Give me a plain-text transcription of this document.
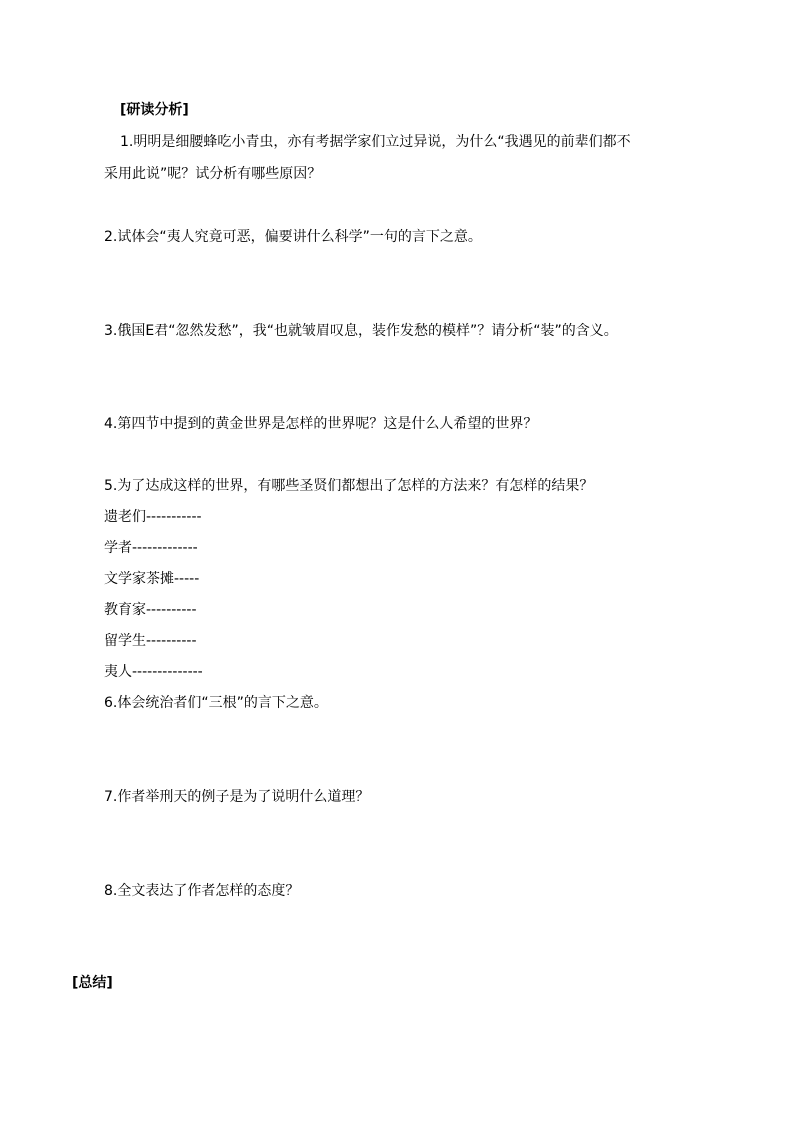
[研读分析]
1.明明是细腰蜂吃小青虫，亦有考据学家们立过异说，为什么“我遇见的前辈们都不
采用此说”呢？试分析有哪些原因？
2.试体会“夷人究竟可恶，偏要讲什么科学”一句的言下之意。
3.俄国E君“忽然发愁”，我“也就皱眉叹息，装作发愁的模样”？请分析“装”的含义。
4.第四节中提到的黄金世界是怎样的世界呢？这是什么人希望的世界？
5.为了达成这样的世界，有哪些圣贤们都想出了怎样的方法来？有怎样的结果？
遗老们-----------
学者-------------
文学家茶摊-----
教育家----------
留学生----------
夷人--------------
6.体会统治者们“三根”的言下之意。
7.作者举刑天的例子是为了说明什么道理？
8.全文表达了作者怎样的态度？
[总结]
